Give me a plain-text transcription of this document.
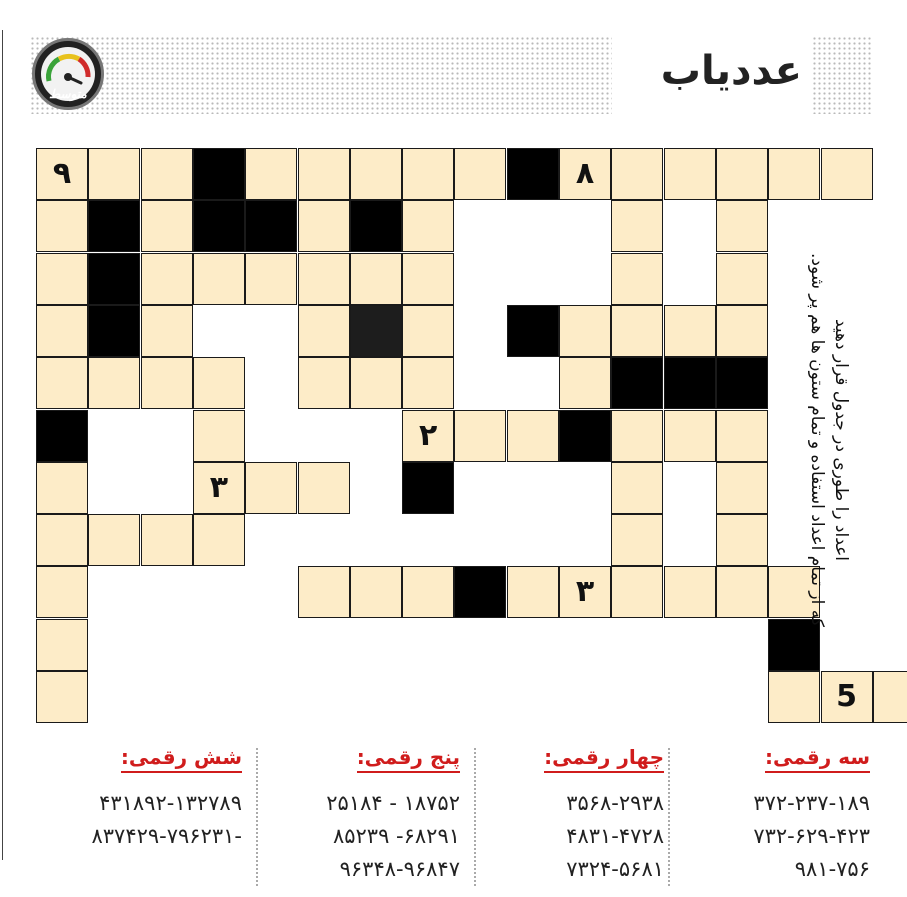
عددیاب
متوسط
۹	۸
۲
۳
۳
5
اعداد را طوری در جدول قرار دهید
که از تمام اعداد استفاده و تمام ستون ها هم پر شود.
سه رقمی:
۳۷۲-۲۳۷-۱۸۹
۷۳۲-۶۲۹-۴۲۳
۹۸۱-۷۵۶
چهار رقمی:
۳۵۶۸-۲۹۳۸
۴۸۳۱-۴۷۲۸
۷۳۲۴-۵۶۸۱
پنج رقمی:
۲۵۱۸۴ - ۱۸۷۵۲
۸۵۲۳۹ -۶۸۲۹۱
۹۶۳۴۸-۹۶۸۴۷
شش رقمی:
۴۳۱۸۹۲-۱۳۲۷۸۹
۸۳۷۴۲۹-۷۹۶۲۳۱-
